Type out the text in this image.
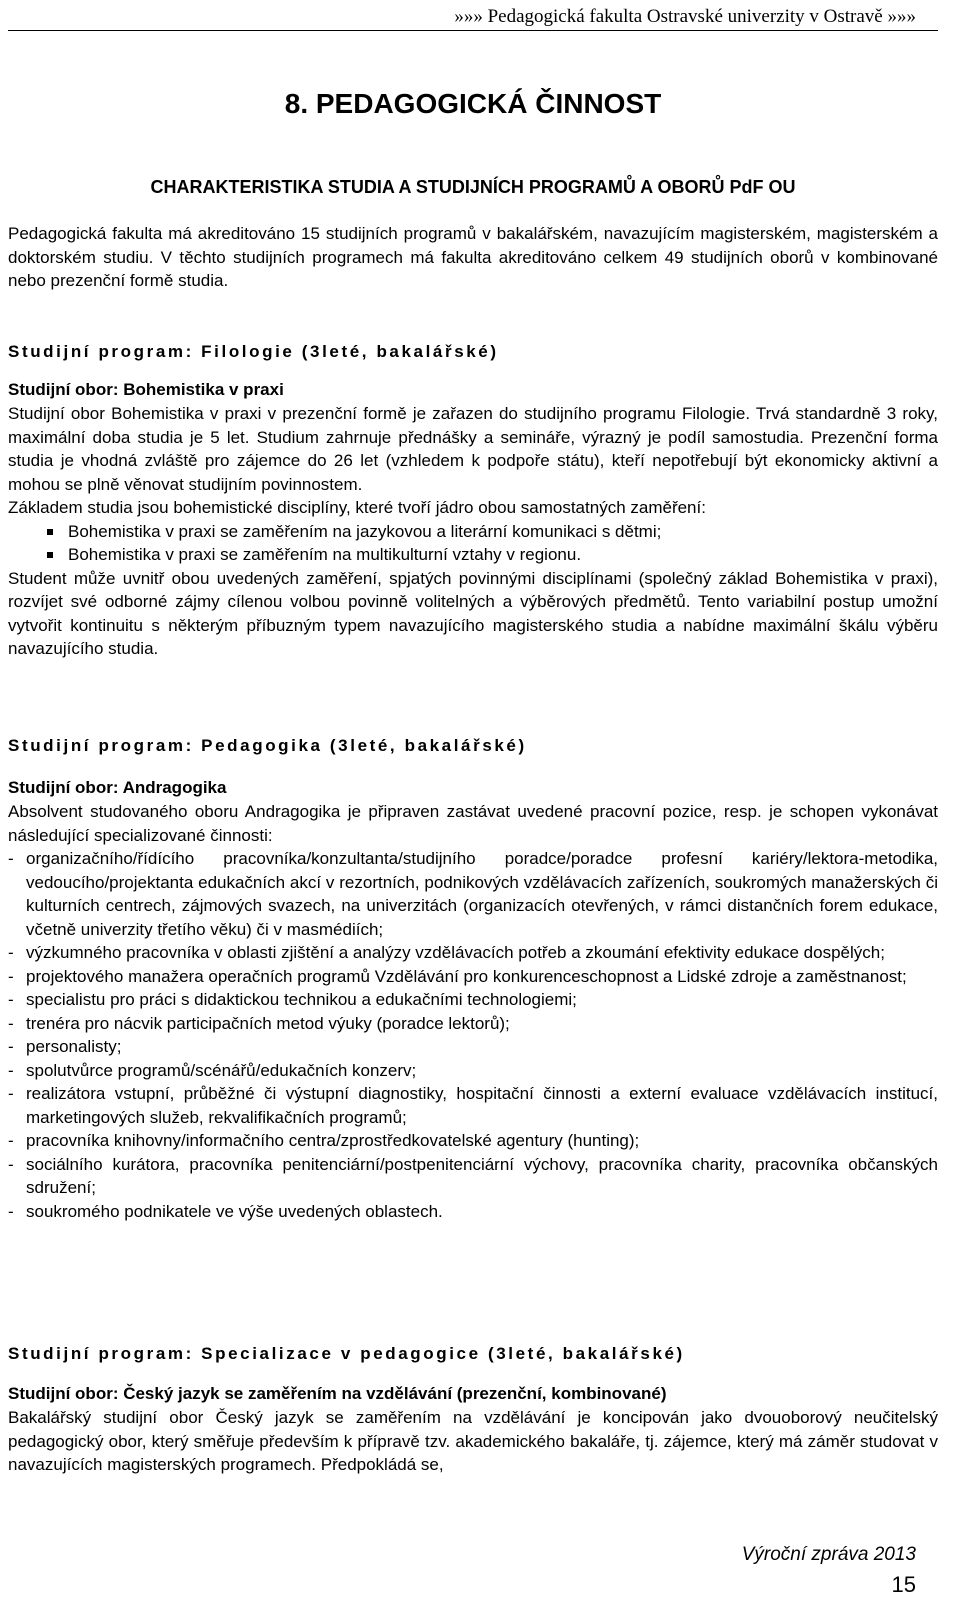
»»» Pedagogická fakulta Ostravské univerzity v Ostravě »»»
8. PEDAGOGICKÁ ČINNOST
CHARAKTERISTIKA STUDIA A STUDIJNÍCH PROGRAMŮ A OBORŮ PdF OU

Pedagogická fakulta má akreditováno 15 studijních programů v bakalářském, navazujícím magisterském, magisterském a doktorském studiu. V těchto studijních programech má fakulta akreditováno celkem 49 studijních oborů v kombinované nebo prezenční formě studia.

Studijní program: Filologie (3leté, bakalářské)
Studijní obor: Bohemistika v praxi

Studijní obor Bohemistika v praxi v prezenční formě je zařazen do studijního programu Filologie. Trvá standardně 3 roky, maximální doba studia je 5 let. Studium zahrnuje přednášky a semináře, výrazný je podíl samostudia. Prezenční forma studia je vhodná zvláště pro zájemce do 26 let (vzhledem k podpoře státu), kteří nepotřebují být ekonomicky aktivní a mohou se plně věnovat studijním povinnostem.

Základem studia jsou bohemistické disciplíny, které tvoří jádro obou samostatných zaměření:

Bohemistika v praxi se zaměřením na jazykovou a literární komunikaci s dětmi;
Bohemistika v praxi se zaměřením na multikulturní vztahy v regionu.

Student může uvnitř obou uvedených zaměření, spjatých povinnými disciplínami (společný základ Bohemistika v praxi), rozvíjet své odborné zájmy cílenou volbou povinně volitelných a výběrových předmětů. Tento variabilní postup umožní vytvořit kontinuitu s některým příbuzným typem navazujícího magisterského studia a nabídne maximální škálu výběru navazujícího studia.

Studijní program: Pedagogika (3leté, bakalářské)
Studijní obor: Andragogika

Absolvent studovaného oboru Andragogika je připraven zastávat uvedené pracovní pozice, resp. je schopen vykonávat následující specializované činnosti:

- organizačního/řídícího pracovníka/konzultanta/studijního poradce/poradce profesní kariéry/lektora-metodika, vedoucího/projektanta edukačních akcí v rezortních, podnikových vzdělávacích zařízeních, soukromých manažerských či kulturních centrech, zájmových svazech, na univerzitách (organizacích otevřených, v rámci distančních forem edukace, včetně univerzity třetího věku) či v masmédiích;
- výzkumného pracovníka v oblasti zjištění a analýzy vzdělávacích potřeb a zkoumání efektivity edukace dospělých;
- projektového manažera operačních programů Vzdělávání pro konkurenceschopnost a Lidské zdroje a zaměstnanost;
- specialistu pro práci s didaktickou technikou a edukačními technologiemi;
- trenéra pro nácvik participačních metod výuky (poradce lektorů);
- personalisty;
- spolutvůrce programů/scénářů/edukačních konzerv;
- realizátora vstupní, průběžné či výstupní diagnostiky, hospitační činnosti a externí evaluace vzdělávacích institucí, marketingových služeb, rekvalifikačních programů;
- pracovníka knihovny/informačního centra/zprostředkovatelské agentury (hunting);
- sociálního kurátora, pracovníka penitenciární/postpenitenciární výchovy, pracovníka charity, pracovníka občanských sdružení;
- soukromého podnikatele ve výše uvedených oblastech.
Studijní program: Specializace v pedagogice (3leté, bakalářské)
Studijní obor: Český jazyk se zaměřením na vzdělávání (prezenční, kombinované)

Bakalářský studijní obor Český jazyk se zaměřením na vzdělávání je koncipován jako dvouoborový neučitelský pedagogický obor, který směřuje především k přípravě tzv. akademického bakaláře, tj. zájemce, který má záměr studovat v navazujících magisterských programech. Předpokládá se,

Výroční zpráva 2013
15
